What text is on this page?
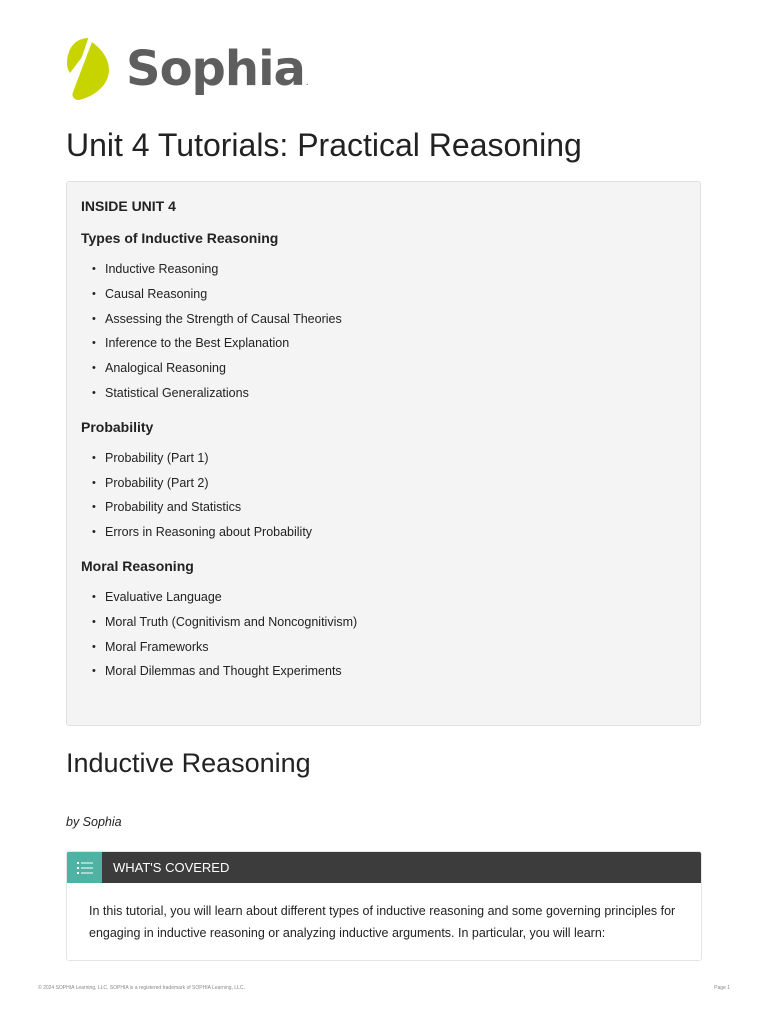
Sophia .
Unit 4 Tutorials: Practical Reasoning
INSIDE UNIT 4
Types of Inductive Reasoning
• Inductive Reasoning
• Causal Reasoning
• Assessing the Strength of Causal Theories
• Inference to the Best Explanation
• Analogical Reasoning
• Statistical Generalizations
Probability
• Probability (Part 1)
• Probability (Part 2)
• Probability and Statistics
• Errors in Reasoning about Probability
Moral Reasoning
• Evaluative Language
• Moral Truth (Cognitivism and Noncognitivism)
• Moral Frameworks
• Moral Dilemmas and Thought Experiments
Inductive Reasoning
by Sophia
WHAT'S COVERED
In this tutorial, you will learn about different types of inductive reasoning and some governing principles for engaging in inductive reasoning or analyzing inductive arguments. In particular, you will learn:
© 2024 SOPHIA Learning, LLC. SOPHIA is a registered trademark of SOPHIA Learning, LLC.	Page 1
